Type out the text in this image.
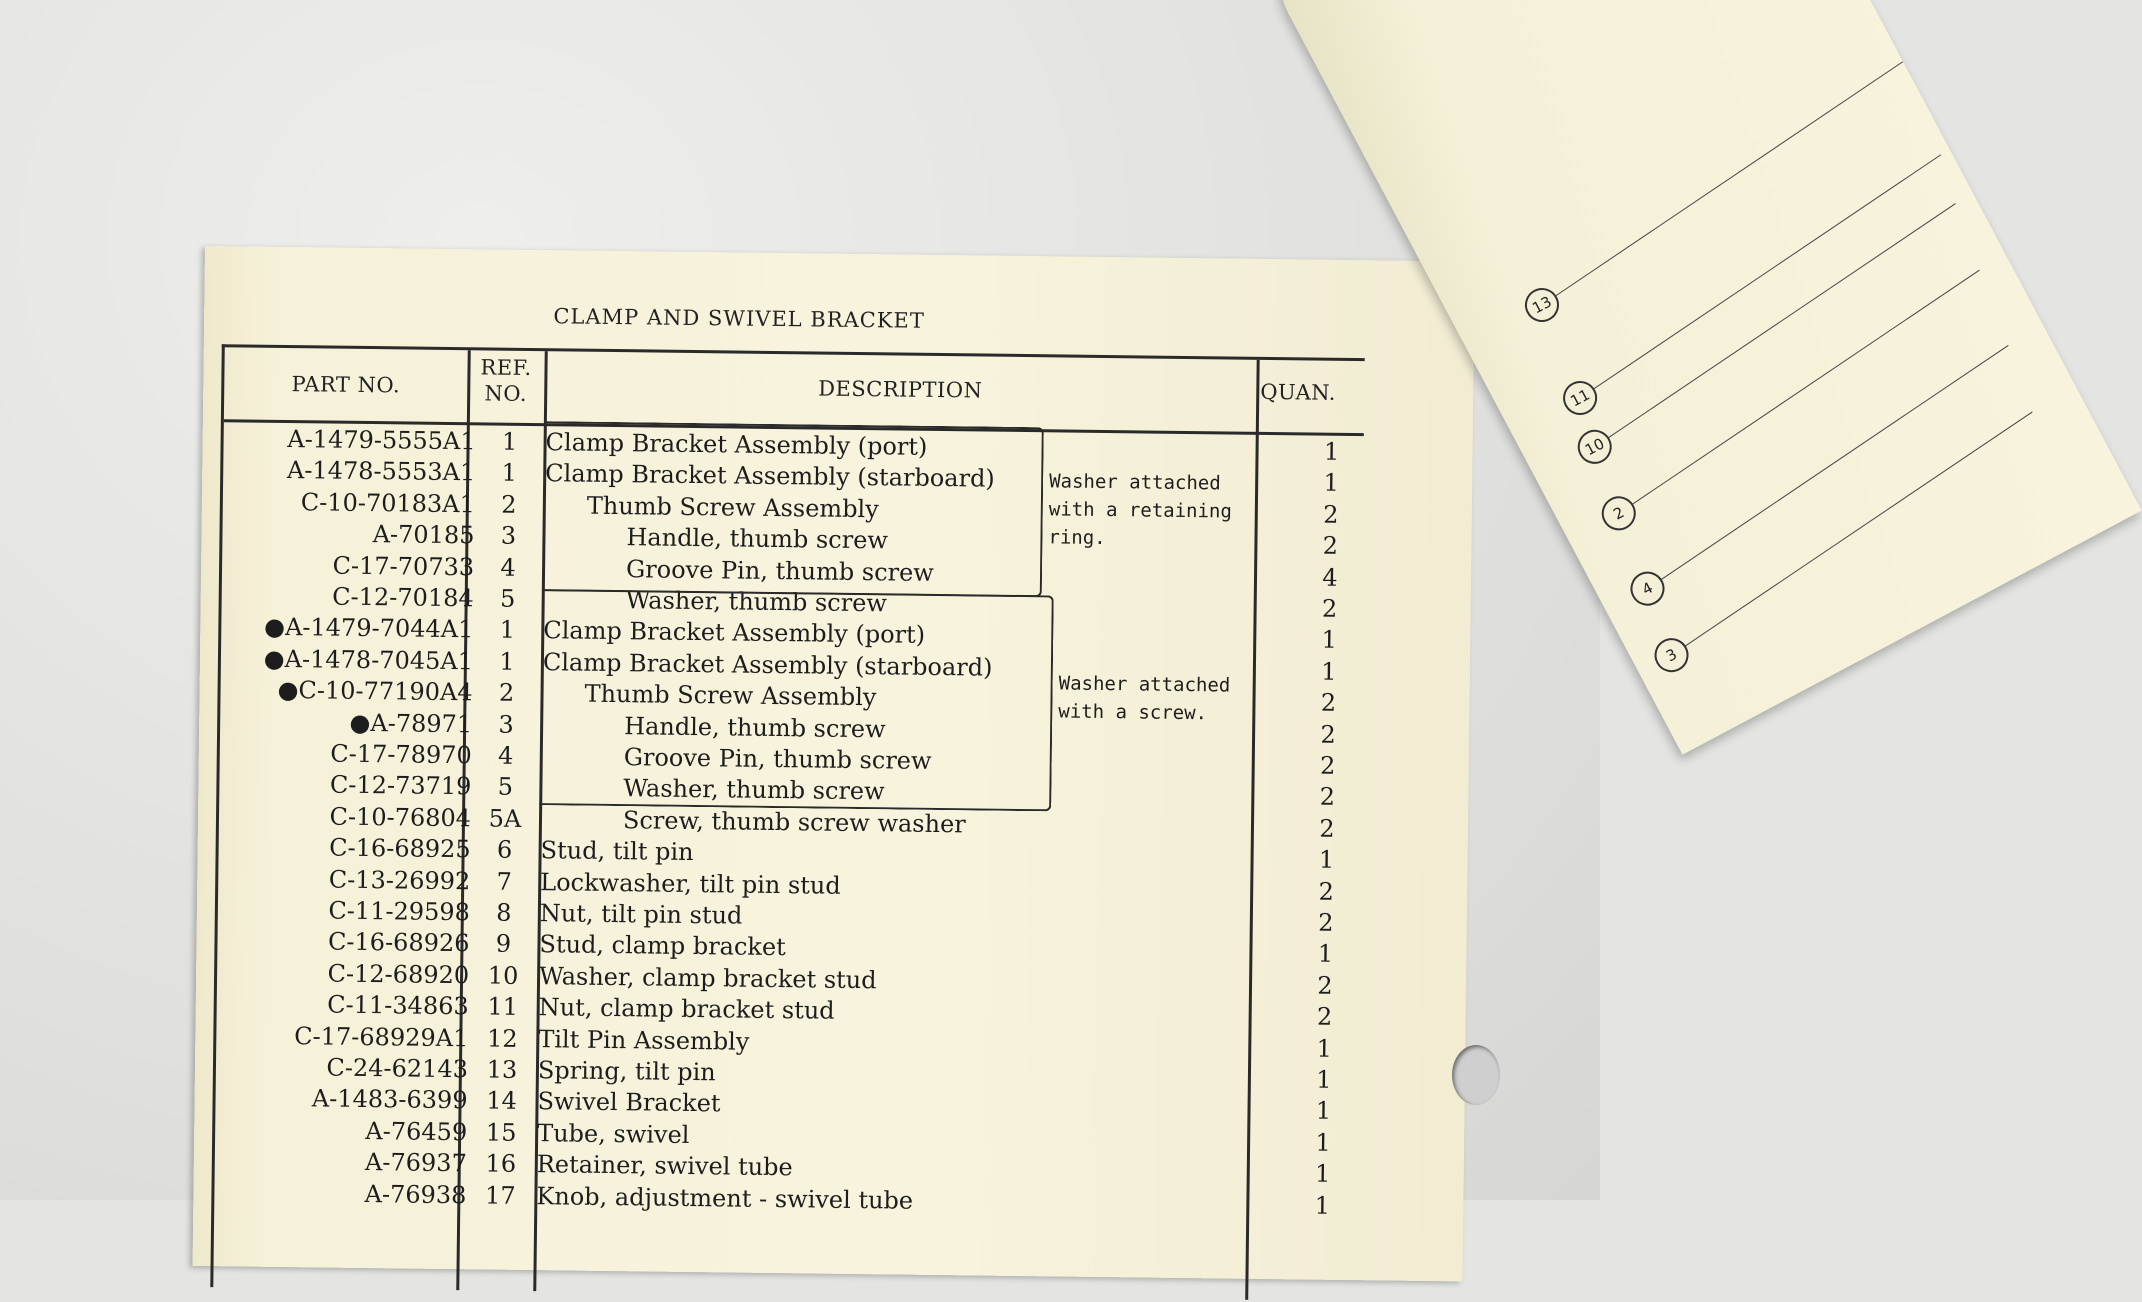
CLAMP AND SWIVEL BRACKET
PART NO.
REF.
NO.	DESCRIPTION	QUAN.
A-1479-5555A1	1	Clamp Bracket Assembly (port)	1
A-1478-5553A1	1	Clamp Bracket Assembly (starboard)	1
C-10-70183A1	2	Thumb Screw Assembly	2
A-70185	3	Handle, thumb screw	2
C-17-70733	4	Groove Pin, thumb screw	4
C-12-70184	5	Washer, thumb screw	2
●A-1479-7044A1	1	Clamp Bracket Assembly (port)	1
●A-1478-7045A1	1	Clamp Bracket Assembly (starboard)	1
●C-10-77190A4	2	Thumb Screw Assembly	2
●A-78971	3	Handle, thumb screw	2
C-17-78970	4	Groove Pin, thumb screw	2
C-12-73719	5	Washer, thumb screw	2
C-10-76804 5A	Screw, thumb screw washer	2
C-16-68925	6	Stud, tilt pin	1
C-13-26992	7	Lockwasher, tilt pin stud	2
C-11-29598	8	Nut, tilt pin stud	2
C-16-68926	9	Stud, clamp bracket	1
C-12-68920 10 Washer, clamp bracket stud	2
C-11-34863 11 Nut, clamp bracket stud	2
C-17-68929A1 12 Tilt Pin Assembly	1
C-24-62143 13 Spring, tilt pin	1
A-1483-6399 14 Swivel Bracket	1
A-76459 15 Tube, swivel	1
A-76937 16 Retainer, swivel tube	1
A-76938 17 Knob, adjustment - swivel tube	1
Washer attached
with a retaining
ring.
Washer attached
with a screw.
13
11
10
2
4
3
